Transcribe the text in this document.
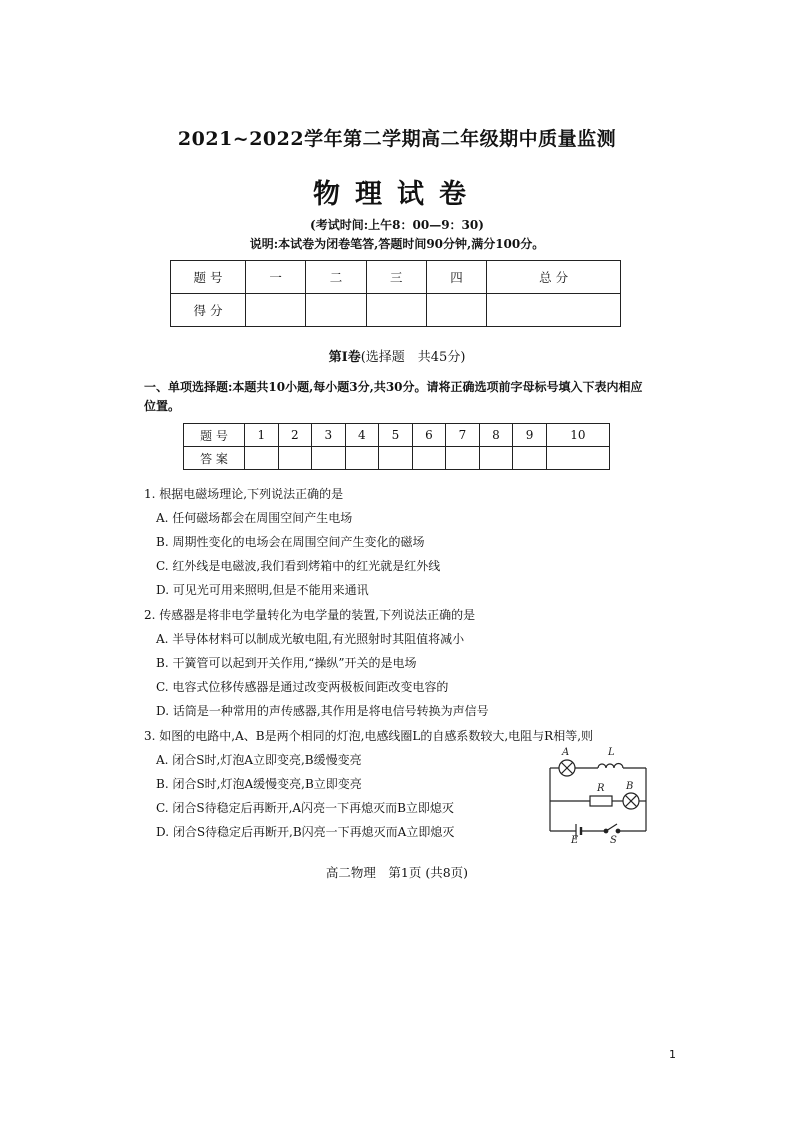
2021~2022学年第二学期高二年级期中质量监测
物理试卷
(考试时间:上午8：00—9：30)
说明:本试卷为闭卷笔答,答题时间90分钟,满分100分。
题 号	一	二	三	四	总 分
得 分					
第Ⅰ卷(选择题　共45分)
一、单项选择题:本题共10小题,每小题3分,共30分。请将正确选项前字母标号填入下表内相应位置。
题 号	1	2	3	4	5	6	7	8	9	10
答 案										
1. 根据电磁场理论,下列说法正确的是
A. 任何磁场都会在周围空间产生电场
B. 周期性变化的电场会在周围空间产生变化的磁场
C. 红外线是电磁波,我们看到烤箱中的红光就是红外线
D. 可见光可用来照明,但是不能用来通讯
2. 传感器是将非电学量转化为电学量的装置,下列说法正确的是
A. 半导体材料可以制成光敏电阻,有光照射时其阻值将减小
B. 干簧管可以起到开关作用,“操纵”开关的是电场
C. 电容式位移传感器是通过改变两极板间距改变电容的
D. 话筒是一种常用的声传感器,其作用是将电信号转换为声信号
3. 如图的电路中,A、B是两个相同的灯泡,电感线圈L的自感系数较大,电阻与R相等,则
A. 闭合S时,灯泡A立即变亮,B缓慢变亮
B. 闭合S时,灯泡A缓慢变亮,B立即变亮
C. 闭合S待稳定后再断开,A闪亮一下再熄灭而B立即熄灭
D. 闭合S待稳定后再断开,B闪亮一下再熄灭而A立即熄灭
A	L
R B
E	S
高二物理　第1页 (共8页)
1
